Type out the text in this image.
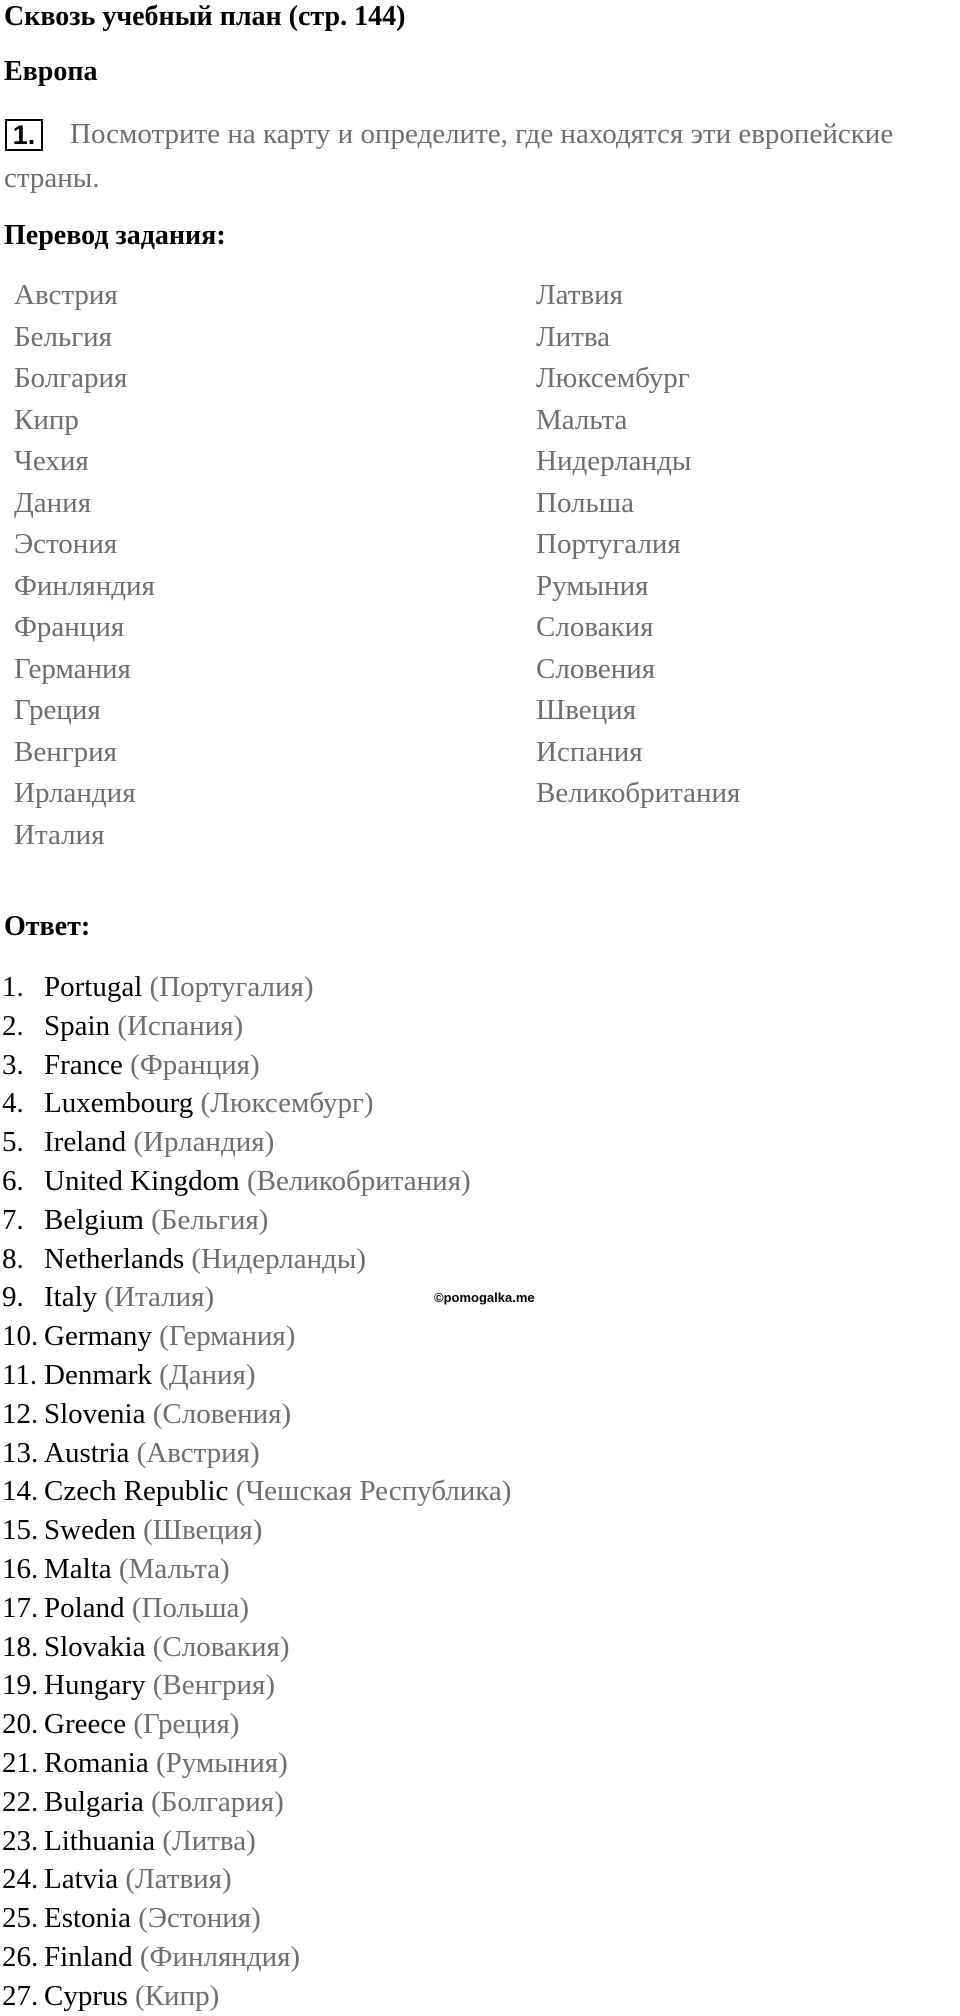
Сквозь учебный план (стр. 144)
Европа
1.	Посмотрите на карту и определите, где находятся эти европейские страны.
Перевод задания:
Австрия
Бельгия
Болгария
Кипр
Чехия
Дания
Эстония
Финляндия
Франция
Германия
Греция
Венгрия
Ирландия
Италия
Латвия
Литва
Люксембург
Мальта
Нидерланды
Польша
Португалия
Румыния
Словакия
Словения
Швеция
Испания
Великобритания
Ответ:
1. Portugal (Португалия)
2. Spain (Испания)
3. France (Франция)
4. Luxembourg (Люксембург)
5. Ireland (Ирландия)
6. United Kingdom (Великобритания)
7. Belgium (Бельгия)
8. Netherlands (Нидерланды)
9. Italy (Италия)
10. Germany (Германия)
11. Denmark (Дания)
12. Slovenia (Словения)
13. Austria (Австрия)
14. Czech Republic (Чешская Республика)
15. Sweden (Швеция)
16. Malta (Мальта)
17. Poland (Польша)
18. Slovakia (Словакия)
19. Hungary (Венгрия)
20. Greece (Греция)
21. Romania (Румыния)
22. Bulgaria (Болгария)
23. Lithuania (Литва)
24. Latvia (Латвия)
25. Estonia (Эстония)
26. Finland (Финляндия)
27. Cyprus (Кипр)
©pomogalka.me
